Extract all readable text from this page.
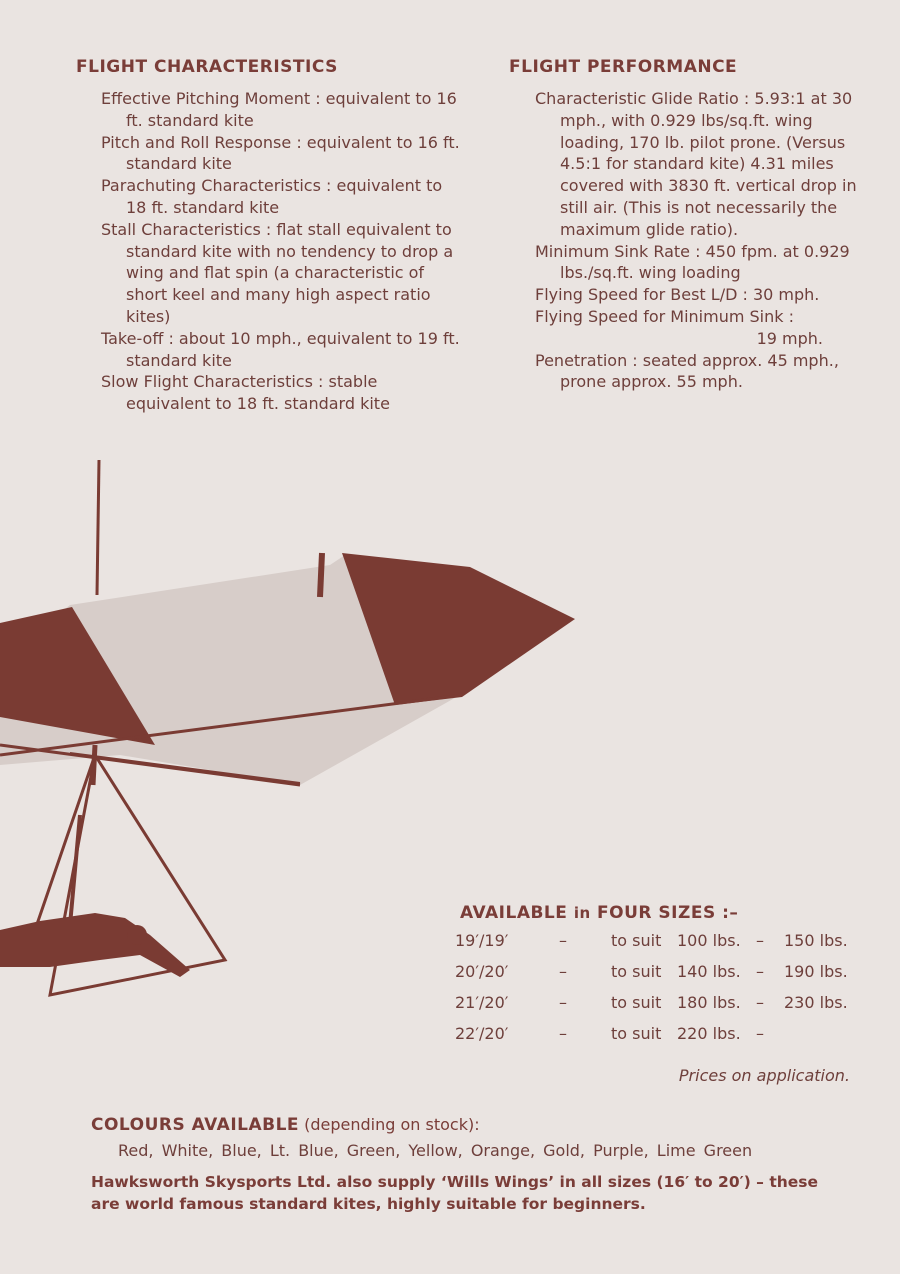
FLIGHT CHARACTERISTICS
Effective Pitching Moment : equivalent to 16 ft. standard kite
Pitch and Roll Response : equivalent to 16 ft. standard kite
Parachuting Characteristics : equivalent to 18 ft. standard kite
Stall Characteristics : flat stall equivalent to standard kite with no tendency to drop a wing and flat spin (a characteristic of short keel and many high aspect ratio kites)
Take-off : about 10 mph., equivalent to 19 ft. standard kite
Slow Flight Characteristics : stable equivalent to 18 ft. standard kite
FLIGHT PERFORMANCE
Characteristic Glide Ratio : 5.93:1 at 30 mph., with 0.929 lbs/sq.ft. wing loading, 170 lb. pilot prone. (Versus 4.5:1 for standard kite) 4.31 miles covered with 3830 ft. vertical drop in still air. (This is not necessarily the maximum glide ratio).
Minimum Sink Rate : 450 fpm. at 0.929 lbs./sq.ft. wing loading
Flying Speed for Best L/D : 30 mph.
Flying Speed for Minimum Sink :
19 mph.
Penetration : seated approx. 45 mph., prone approx. 55 mph.
AVAILABLE in FOUR SIZES :–
19′/19′	–	to suit 100 lbs. – 150 lbs.
20′/20′	–	to suit 140 lbs. – 190 lbs.
21′/20′	–	to suit 180 lbs. – 230 lbs.
22′/20′	–	to suit 220 lbs. –
Prices on application.
COLOURS AVAILABLE (depending on stock):
Red, White, Blue, Lt. Blue, Green, Yellow, Orange, Gold, Purple, Lime Green
Hawksworth Skysports Ltd. also supply ‘Wills Wings’ in all sizes (16′ to 20′) – these are world famous standard kites, highly suitable for beginners.
